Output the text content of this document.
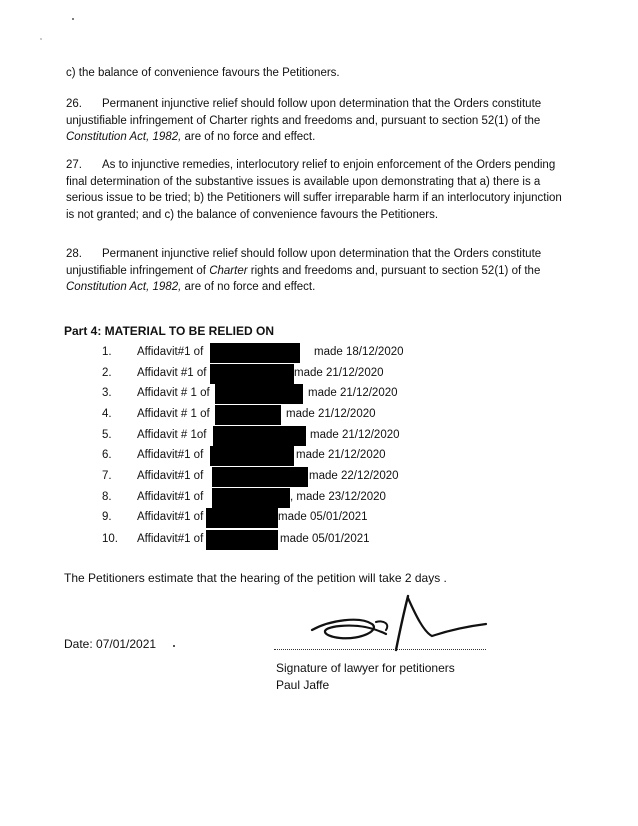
c) the balance of convenience favours the Petitioners.
26. Permanent injunctive relief should follow upon determination that the Orders constitute unjustifiable infringement of Charter rights and freedoms and, pursuant to section 52(1) of the Constitution Act, 1982, are of no force and effect.
27. As to injunctive remedies, interlocutory relief to enjoin enforcement of the Orders pending final determination of the substantive issues is available upon demonstrating that a) there is a serious issue to be tried; b) the Petitioners will suffer irreparable harm if an interlocutory injunction is not granted; and c) the balance of convenience favours the Petitioners.
28. Permanent injunctive relief should follow upon determination that the Orders constitute unjustifiable infringement of Charter rights and freedoms and, pursuant to section 52(1) of the Constitution Act, 1982, are of no force and effect.
Part 4: MATERIAL TO BE RELIED ON
1.	Affidavit#1 of	made 18/12/2020
2.	Affidavit #1 of	made 21/12/2020
3.	Affidavit # 1 of	made 21/12/2020
4.	Affidavit # 1 of	made 21/12/2020
5.	Affidavit # 1of	made 21/12/2020
6.	Affidavit#1 of	made 21/12/2020
7.	Affidavit#1 of	made 22/12/2020
8.	Affidavit#1 of	, made 23/12/2020
9.	Affidavit#1 of	made 05/01/2021
10.	Affidavit#1 of	made 05/01/2021
The Petitioners estimate that the hearing of the petition will take 2 days .
Date: 07/01/2021
Signature of lawyer for petitioners
Paul Jaffe
